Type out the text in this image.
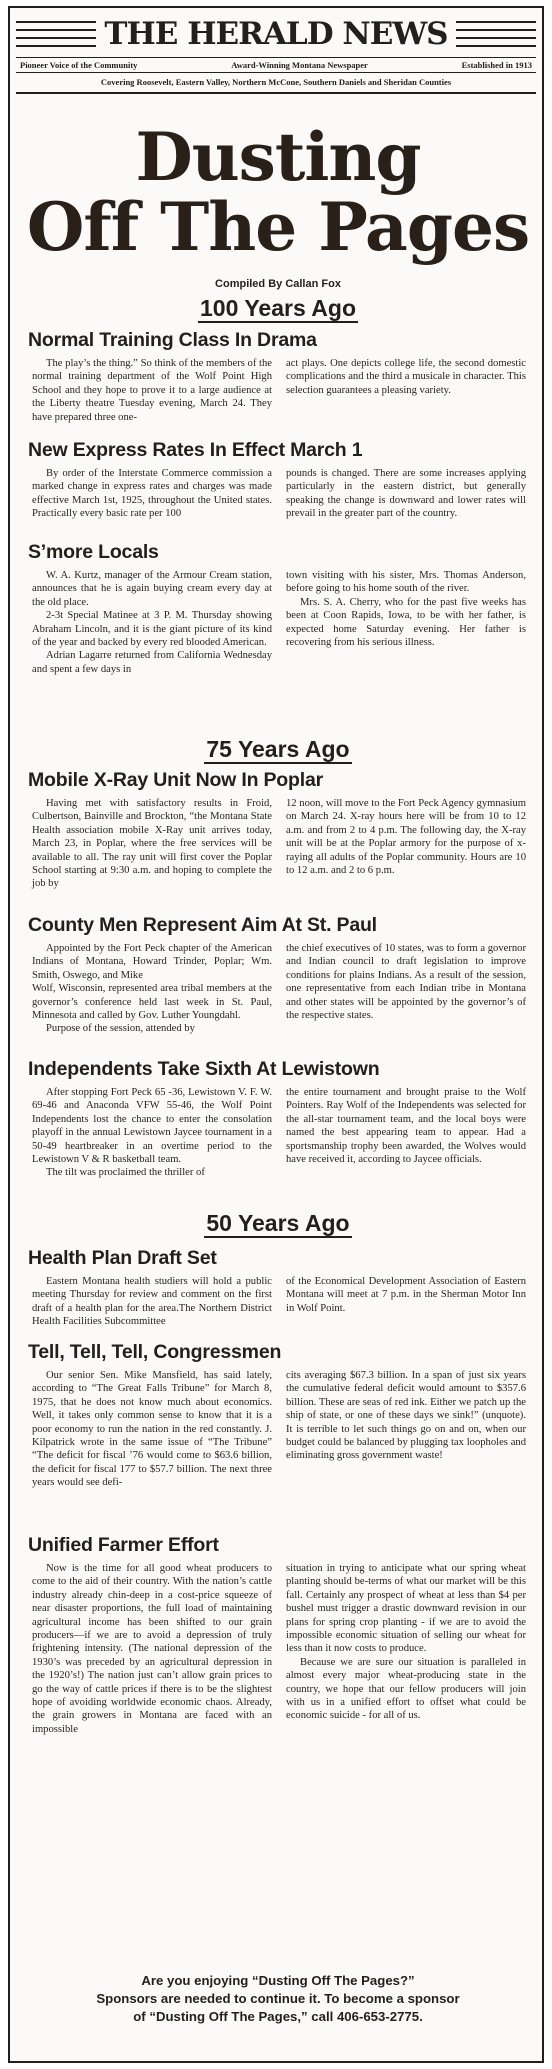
THE HERALD NEWS
Pioneer Voice of the Community	Award-Winning Montana Newspaper	Established in 1913
Covering Roosevelt, Eastern Valley, Northern McCone, Southern Daniels and Sheridan Counties
Dusting
Off The Pages
Compiled By Callan Fox
100 Years Ago
Normal Training Class In Drama

The play’s the thing.” So think of the members of the normal training department of the Wolf Point High School and they hope to prove it to a large audience at the Liberty theatre Tuesday evening, March 24. They have prepared three one-

act plays. One depicts college life, the second domestic complications and the third a musicale in character. This selection guarantees a pleasing variety.

New Express Rates In Effect March 1

By order of the Interstate Commerce commission a marked change in express rates and charges was made effective March 1st, 1925, throughout the United states. Practically every basic rate per 100

pounds is changed. There are some increases applying particularly in the eastern district, but generally speaking the change is downward and lower rates will prevail in the greater part of the country.

S’more Locals

W. A. Kurtz, manager of the Armour Cream station, announces that he is again buying cream every day at the old place.

2-3t Special Matinee at 3 P. M. Thursday showing Abraham Lincoln, and it is the giant picture of its kind of the year and backed by every red blooded American.

Adrian Lagarre returned from California Wednesday and spent a few days in

town visiting with his sister, Mrs. Thomas Anderson, before going to his home south of the river.

Mrs. S. A. Cherry, who for the past five weeks has been at Coon Rapids, Iowa, to be with her father, is expected home Saturday evening. Her father is recovering from his serious illness.

75 Years Ago
Mobile X-Ray Unit Now In Poplar

Having met with satisfactory results in Froid, Culbertson, Bainville and Brockton, “the Montana State Health association mobile X-Ray unit arrives today, March 23, in Poplar, where the free services will be available to all. The ray unit will first cover the Poplar School starting at 9:30 a.m. and hoping to complete the job by

12 noon, will move to the Fort Peck Agency gymnasium on March 24. X-ray hours here will be from 10 to 12 a.m. and from 2 to 4 p.m. The following day, the X-ray unit will be at the Poplar armory for the purpose of x-raying all adults of the Poplar community. Hours are 10 to 12 a.m. and 2 to 6 p.m.

County Men Represent Aim At St. Paul

Appointed by the Fort Peck chapter of the American Indians of Montana, Howard Trinder, Poplar; Wm. Smith, Oswego, and Mike

Wolf, Wisconsin, represented area tribal members at the governor’s conference held last week in St. Paul, Minnesota and called by Gov. Luther Youngdahl.

Purpose of the session, attended by

the chief executives of 10 states, was to form a governor and Indian council to draft legislation to improve conditions for plains Indians. As a result of the session, one representative from each Indian tribe in Montana and other states will be appointed by the governor’s of the respective states.

Independents Take Sixth At Lewistown

After stopping Fort Peck 65 -36, Lewistown V. F. W. 69-46 and Anaconda VFW 55-46, the Wolf Point Independents lost the chance to enter the consolation playoff in the annual Lewistown Jaycee tournament in a 50-49 heartbreaker in an overtime period to the Lewistown V & R basketball team.

The tilt was proclaimed the thriller of

the entire tournament and brought praise to the Wolf Pointers. Ray Wolf of the Independents was selected for the all-star tournament team, and the local boys were named the best appearing team to appear. Had a sportsmanship trophy been awarded, the Wolves would have received it, according to Jaycee officials.

50 Years Ago
Health Plan Draft Set

Eastern Montana health studiers will hold a public meeting Thursday for review and comment on the first draft of a health plan for the area.The Northern District Health Facilities Subcommittee

of the Economical Development Association of Eastern Montana will meet at 7 p.m. in the Sherman Motor Inn in Wolf Point.

Tell, Tell, Tell, Congressmen

Our senior Sen. Mike Mansfield, has said lately, according to “The Great Falls Tribune” for March 8, 1975, that he does not know much about economics. Well, it takes only common sense to know that it is a poor economy to run the nation in the red constantly. J. Kilpatrick wrote in the same issue of “The Tribune” “The deficit for fiscal ’76 would come to $63.6 billion, the deficit for fiscal 177 to $57.7 billion. The next three years would see defi-

cits averaging $67.3 billion. In a span of just six years the cumulative federal deficit would amount to $357.6 billion. These are seas of red ink. Either we patch up the ship of state, or one of these days we sink!” (unquote). It is terrible to let such things go on and on, when our budget could be balanced by plugging tax loopholes and eliminating gross government waste!

Unified Farmer Effort

Now is the time for all good wheat producers to come to the aid of their country. With the nation’s cattle industry already chin-deep in a cost-price squeeze of near disaster proportions, the full load of maintaining agricultural income has been shifted to our grain producers—if we are to avoid a depression of truly frightening intensity. (The national depression of the 1930’s was preceded by an agricultural depression in the 1920’s!) The nation just can’t allow grain prices to go the way of cattle prices if there is to be the slightest hope of avoiding worldwide economic chaos. Already, the grain growers in Montana are faced with an impossible

situation in trying to anticipate what our spring wheat planting should be-terms of what our market will be this fall. Certainly any prospect of wheat at less than $4 per bushel must trigger a drastic downward revision in our plans for spring crop planting - if we are to avoid the impossible economic situation of selling our wheat for less than it now costs to produce.

Because we are sure our situation is paralleled in almost every major wheat-producing state in the country, we hope that our fellow producers will join with us in a unified effort to offset what could be economic suicide - for all of us.

Are you enjoying “Dusting Off The Pages?”
Sponsors are needed to continue it. To become a sponsor
of “Dusting Off The Pages,” call 406-653-2775.
